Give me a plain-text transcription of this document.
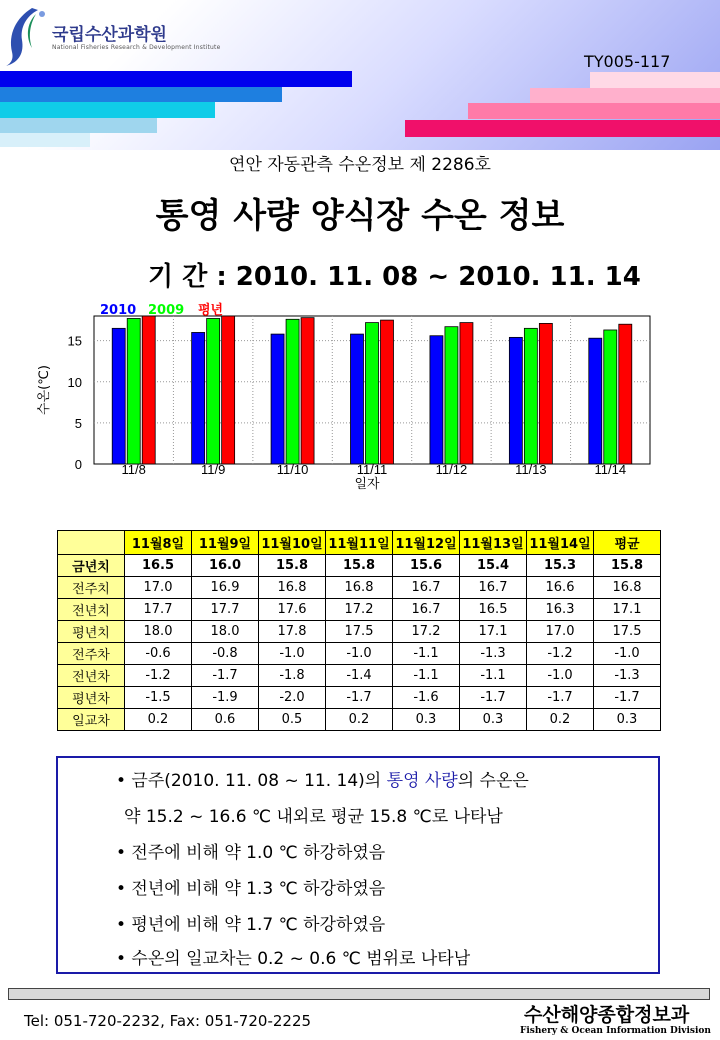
국립수산과학원
National Fisheries Research & Development Institute
TY005-117
연안 자동관측 수온정보 제 2286호
통영 사량 양식장 수온 정보
기 간 : 2010. 11. 08 ~ 2010. 11. 14
0
5
10
15
11/8	11/9	11/10	11/11	11/12	11/13	11/14
일자
수온(℃)
2010 2009 평년
	11월8일	11월9일	11월10일	11월11일	11월12일	11월13일	11월14일	평균
금년치	16.5	16.0	15.8	15.8	15.6	15.4	15.3	15.8
전주치	17.0	16.9	16.8	16.8	16.7	16.7	16.6	16.8
전년치	17.7	17.7	17.6	17.2	16.7	16.5	16.3	17.1
평년치	18.0	18.0	17.8	17.5	17.2	17.1	17.0	17.5
전주차	-0.6	-0.8	-1.0	-1.0	-1.1	-1.3	-1.2	-1.0
전년차	-1.2	-1.7	-1.8	-1.4	-1.1	-1.1	-1.0	-1.3
평년차	-1.5	-1.9	-2.0	-1.7	-1.6	-1.7	-1.7	-1.7
일교차	0.2	0.6	0.5	0.2	0.3	0.3	0.2	0.3
• 금주(2010. 11. 08 ~ 11. 14)의 통영 사량의 수온은
약 15.2 ~ 16.6 ℃ 내외로 평균 15.8 ℃로 나타남
• 전주에 비해 약 1.0 ℃ 하강하였음
• 전년에 비해 약 1.3 ℃ 하강하였음
• 평년에 비해 약 1.7 ℃ 하강하였음
• 수온의 일교차는 0.2 ~ 0.6 ℃ 범위로 나타남
Tel: 051-720-2232, Fax: 051-720-2225	수산해양종합정보과
Fishery & Ocean Information Division
